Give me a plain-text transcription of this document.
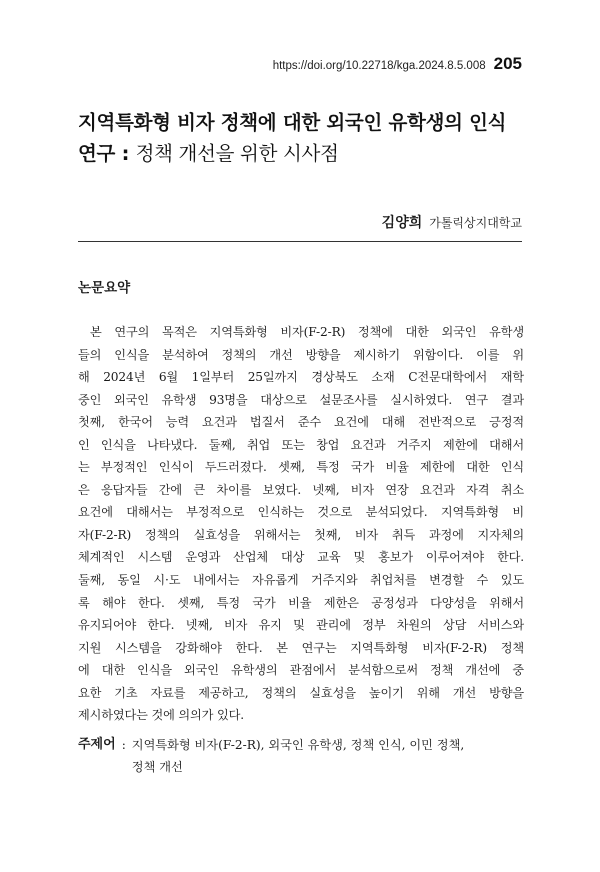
https://doi.org/10.22718/kga.2024.8.5.008 205
지역특화형 비자 정책에 대한 외국인 유학생의 인식
연구 : 정책 개선을 위한 시사점
김양희 가톨릭상지대학교
논문요약
본 연구의 목적은 지역특화형 비자(F-2-R) 정책에 대한 외국인 유학생
들의 인식을 분석하여 정책의 개선 방향을 제시하기 위함이다. 이를 위
해 2024년 6월 1일부터 25일까지 경상북도 소재 C전문대학에서 재학
중인 외국인 유학생 93명을 대상으로 설문조사를 실시하였다. 연구 결과
첫째, 한국어 능력 요건과 법질서 준수 요건에 대해 전반적으로 긍정적
인 인식을 나타냈다. 둘째, 취업 또는 창업 요건과 거주지 제한에 대해서
는 부정적인 인식이 두드러졌다. 셋째, 특정 국가 비율 제한에 대한 인식
은 응답자들 간에 큰 차이를 보였다. 넷째, 비자 연장 요건과 자격 취소
요건에 대해서는 부정적으로 인식하는 것으로 분석되었다. 지역특화형 비
자(F-2-R) 정책의 실효성을 위해서는 첫째, 비자 취득 과정에 지자체의
체계적인 시스템 운영과 산업체 대상 교육 및 홍보가 이루어져야 한다.
둘째, 동일 시·도 내에서는 자유롭게 거주지와 취업처를 변경할 수 있도
록 해야 한다. 셋째, 특정 국가 비율 제한은 공정성과 다양성을 위해서
유지되어야 한다. 넷째, 비자 유지 및 관리에 정부 차원의 상담 서비스와
지원 시스템을 강화해야 한다. 본 연구는 지역특화형 비자(F-2-R) 정책
에 대한 인식을 외국인 유학생의 관점에서 분석함으로써 정책 개선에 중
요한 기초 자료를 제공하고, 정책의 실효성을 높이기 위해 개선 방향을
제시하였다는 것에 의의가 있다.
주제어 : 지역특화형 비자(F-2-R), 외국인 유학생, 정책 인식, 이민 정책,
정책 개선
